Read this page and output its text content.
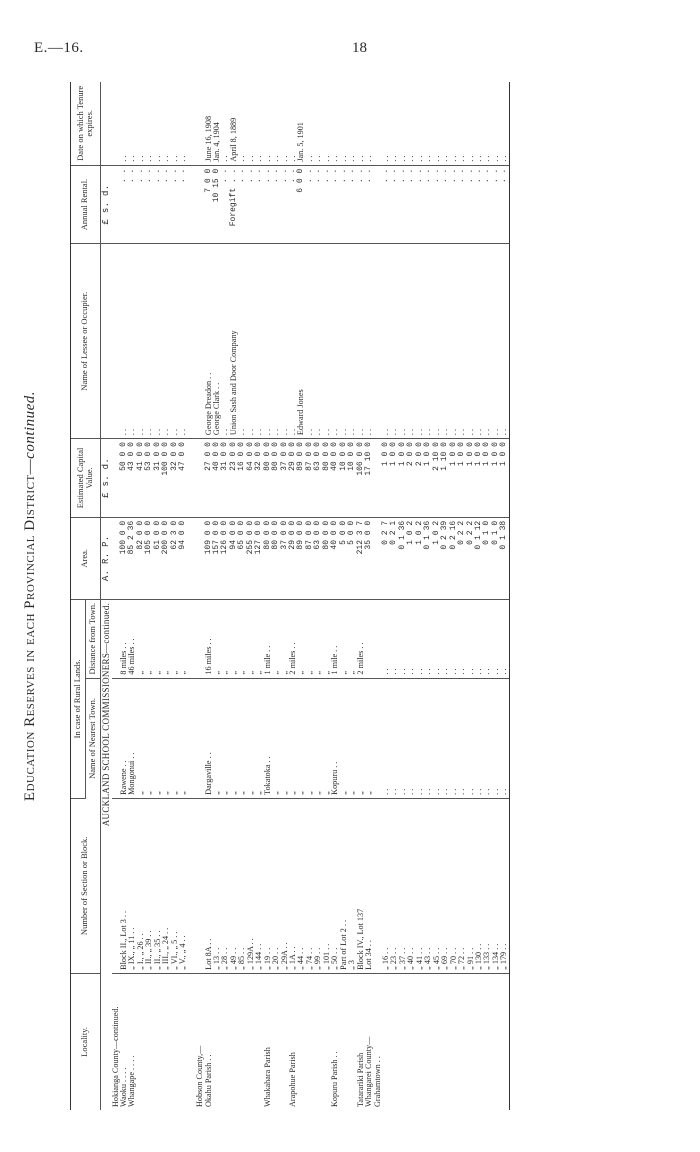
E.—16.	18
Education Reserves in each Provincial District—continued.
Locality.	Number of Section or Block.	In case of Rural Lands.		Area.	Estimated Capital Value.	Name of Lessee or Occupier.	Annual Rental.	Date on which Tenure expires.
		Name of Nearest Town.	Distance from Town.					
AUCKLAND SCHOOL COMMISSIONERS—continued.				A. R. P.	£ s. d.		£ s. d.	
Hokianga County—continued.								
Waoku . . . .	Block II., Lot 3 . .	Rawene . .	8 miles . .	100 0 0	50 0 0	. .	. .	. .
Whangape . . . .	„ IX., „ 11 . .	Mongonui . .	46 miles . .	85 2 36	43 0 0	. .	. .	. .
	„ I., „ 26 . .	„	„	82 0 0	41 0 0	. .	. .	. .
	„ II., „ 39 . .	„	„	105 0 0	53 0 0	. .	. .	. .
	„ II., „ 35 . .	„	„	61 0 0	31 0 0	. .	. .	. .
	„ III., „ 24 . .	„	„	200 0 0	100 0 0	. .	. .	. .
	„ VI., „ 5 . .	„	„	62 3 0	32 0 0	. .	. .	. .
	„ V., „ 4 . .	„	„	94 0 0	47 0 0	. .	. .	. .

Hobson County,—								
Okahu Parish . .	Lot 8A . .	Dargaville . .	16 miles . .	109 0 0	27 0 0	George Dreadon . .	7 0 0	June 16, 1908
	„ 13 . .	„	„	157 0 0	40 0 0	George Clark . .	10 15 0	Jan. 4, 1904
	„ 28 . .	„	„	126 0 0	31 0 0	. .	. .	. .
	„ 49 . .	„	„	94 0 0	23 0 0	Union Sash and Door Company	Foregift . .	April 8, 1889
	„ 85 . .	„	„	65 0 0	16 0 0	. .	. .	. .
	„ 129A . .	„	„	255 0 0	64 0 0	. .	. .	. .
	„ 144 . .	„	„	127 0 0	32 0 0	. .	. .	. .
Whakahara Parish	„ 19 . .	Tokatoka . .	1 mile . .	80 0 0	80 0 0	. .	. .	. .
	„ 20 . .	„	„	80 0 0	80 0 0	. .	. .	. .
	„ 29A . .	„	„	37 0 0	37 0 0	. .	. .	. .
Arapohue Parish	„ 1A . .	„	2 miles . .	29 0 0	29 0 0	. .	. .	. .
	„ 44 . .	„	„	89 0 0	89 0 0	Edward Jones	6 0 0	Jan. 5, 1901
	„ 74 . .	„	„	87 0 0	87 0 0	. .	. .	. .
	„ 99 . .	„	„	63 0 0	63 0 0	. .	. .	. .
	„ 101 . .	„	„	80 0 0	80 0 0	. .	. .	. .
Kopuru Parish . .	„ 50 . .	Kopuru . .	1 mile . .	40 0 0	40 0 0	. .	. .	. .
	Part of Lot 2 . .	„	„	5 0 0	10 0 0	. .	. .	. .
	„ 3	„	„	5 0 0	10 0 0	. .	. .	. .
Tatarariki Parish	Block IV., Lot 137	„	2 miles . .	212 3 7	106 0 0	. .	. .	. .
Whangarei County—	Lot 34 . .	„		35 0 0	17 10 0	. .	. .	. .
Grahamtown . .								
	„ 16 . .	. .	. .	0 2 7	1 0 0	. .	. .	. .
	„ 23 . .	. .	. .	0 2 1	1 0 0	. .	. .	. .
	„ 37 . .	. .	. .	0 1 36	1 0 0	. .	. .	. .
	„ 40 . .	. .	. .	1 0 2	2 0 0	. .	. .	. .
	„ 41 . .	. .	. .	1 0 2	2 0 0	. .	. .	. .
	„ 43 . .	. .	. .	0 1 36	1 0 0	. .	. .	. .
	„ 45 . .	. .	. .	1 0 2	2 10 0	. .	. .	. .
	„ 69 . .	. .	. .	0 2 39	1 10 0	. .	. .	. .
	„ 70 . .	. .	. .	0 2 16	1 0 0	. .	. .	. .
	„ 72 . .	. .	. .	0 2 2	1 0 0	. .	. .	. .
	„ 91 . .	. .	. .	0 2 2	1 0 0	. .	. .	. .
	„ 130 . .	. .	. .	0 1 12	1 0 0	. .	. .	. .
	„ 133 . .	. .	. .	0 1 0	1 0 0	. .	. .	. .
	„ 134 . .	. .	. .	0 1 0	1 0 0	. .	. .	. .
	„ 179 . .	. .	. .	0 1 38	1 0 0	. .	. .	. .
